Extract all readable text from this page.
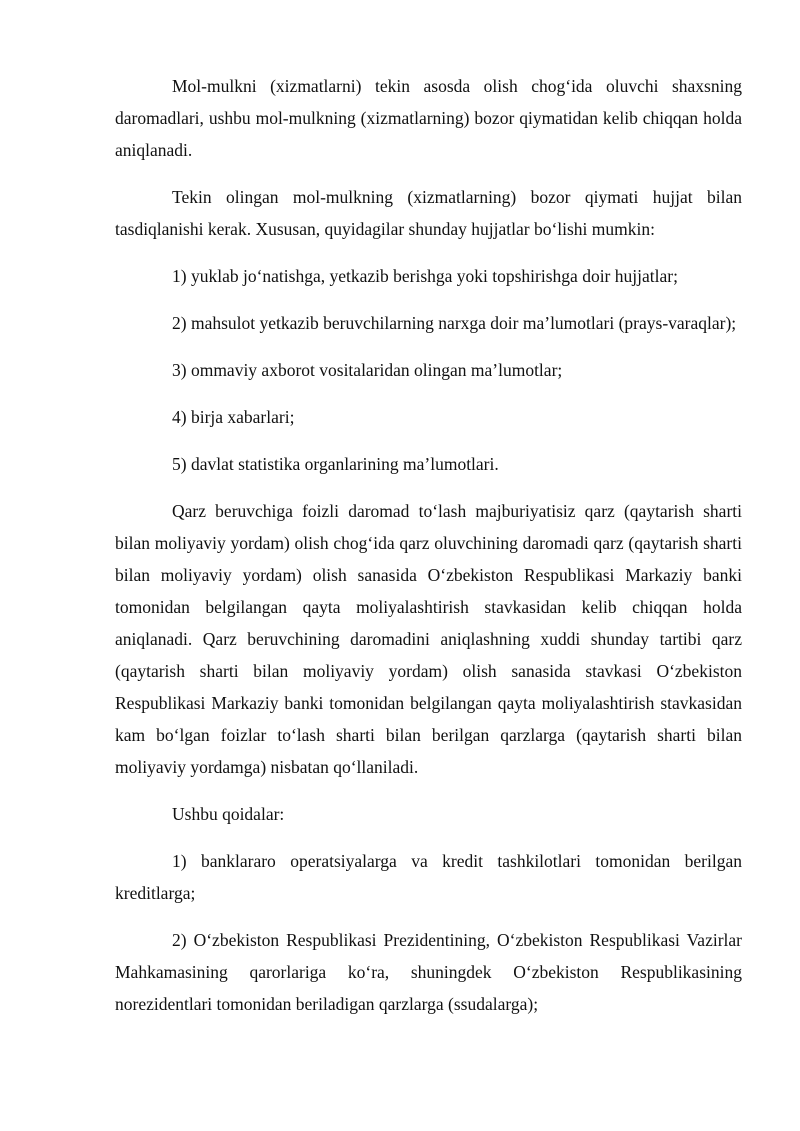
Mol-mulkni (xizmatlarni) tekin asosda olish chog‘ida oluvchi shaxsning daromadlari, ushbu mol-mulkning (xizmatlarning) bozor qiymatidan kelib chiqqan holda aniqlanadi.

Tekin olingan mol-mulkning (xizmatlarning) bozor qiymati hujjat bilan tasdiqlanishi kerak. Xususan, quyidagilar shunday hujjatlar bo‘lishi mumkin:

1) yuklab jo‘natishga, yetkazib berishga yoki topshirishga doir hujjatlar;

2) mahsulot yetkazib beruvchilarning narxga doir ma’lumotlari (prays-varaqlar);

3) ommaviy axborot vositalaridan olingan ma’lumotlar;

4) birja xabarlari;

5) davlat statistika organlarining ma’lumotlari.

Qarz beruvchiga foizli daromad to‘lash majburiyatisiz qarz (qaytarish sharti bilan moliyaviy yordam) olish chog‘ida qarz oluvchining daromadi qarz (qaytarish sharti bilan moliyaviy yordam) olish sanasida O‘zbekiston Respublikasi Markaziy banki tomonidan belgilangan qayta moliyalashtirish stavkasidan kelib chiqqan holda aniqlanadi. Qarz beruvchining daromadini aniqlashning xuddi shunday tartibi qarz (qaytarish sharti bilan moliyaviy yordam) olish sanasida stavkasi O‘zbekiston Respublikasi Markaziy banki tomonidan belgilangan qayta moliyalashtirish stavkasidan kam bo‘lgan foizlar to‘lash sharti bilan berilgan qarzlarga (qaytarish sharti bilan moliyaviy yordamga) nisbatan qo‘llaniladi.

Ushbu qoidalar:

1) banklararo operatsiyalarga va kredit tashkilotlari tomonidan berilgan kreditlarga;

2) O‘zbekiston Respublikasi Prezidentining, O‘zbekiston Respublikasi Vazirlar Mahkamasining qarorlariga ko‘ra, shuningdek O‘zbekiston Respublikasining norezidentlari tomonidan beriladigan qarzlarga (ssudalarga);
